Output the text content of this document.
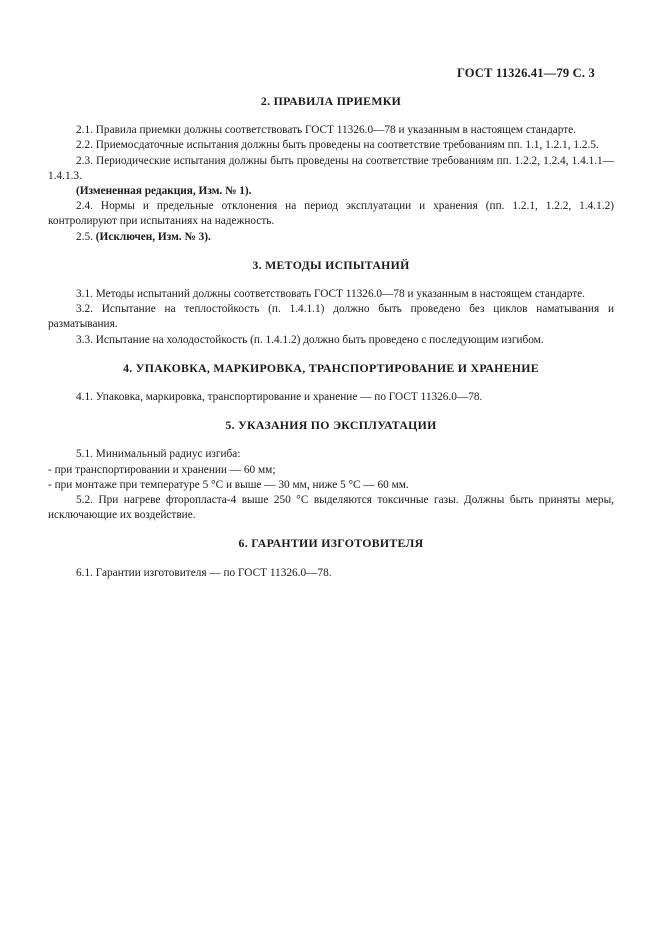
ГОСТ 11326.41—79 С. 3
2. ПРАВИЛА ПРИЕМКИ

2.1. Правила приемки должны соответствовать ГОСТ 11326.0—78 и указанным в настоящем стандарте.

2.2. Приемосдаточные испытания должны быть проведены на соответствие требованиям пп. 1.1, 1.2.1, 1.2.5.

2.3. Периодические испытания должны быть проведены на соответствие требованиям пп. 1.2.2, 1.2.4, 1.4.1.1—1.4.1.3.

(Измененная редакция, Изм. № 1).

2.4. Нормы и предельные отклонения на период эксплуатации и хранения (пп. 1.2.1, 1.2.2, 1.4.1.2) контролируют при испытаниях на надежность.

2.5. (Исключен, Изм. № 3).

3. МЕТОДЫ ИСПЫТАНИЙ

3.1. Методы испытаний должны соответствовать ГОСТ 11326.0—78 и указанным в настоящем стандарте.

3.2. Испытание на теплостойкость (п. 1.4.1.1) должно быть проведено без циклов наматывания и разматывания.

3.3. Испытание на холодостойкость (п. 1.4.1.2) должно быть проведено с последующим изгибом.

4. УПАКОВКА, МАРКИРОВКА, ТРАНСПОРТИРОВАНИЕ И ХРАНЕНИЕ

4.1. Упаковка, маркировка, транспортирование и хранение — по ГОСТ 11326.0—78.

5. УКАЗАНИЯ ПО ЭКСПЛУАТАЦИИ

5.1. Минимальный радиус изгиба:

- при транспортировании и хранении — 60 мм;

- при монтаже при температуре 5 °С и выше — 30 мм, ниже 5 °С — 60 мм.

5.2. При нагреве фторопласта-4 выше 250 °С выделяются токсичные газы. Должны быть приняты меры, исключающие их воздействие.

6. ГАРАНТИИ ИЗГОТОВИТЕЛЯ

6.1. Гарантии изготовителя — по ГОСТ 11326.0—78.
